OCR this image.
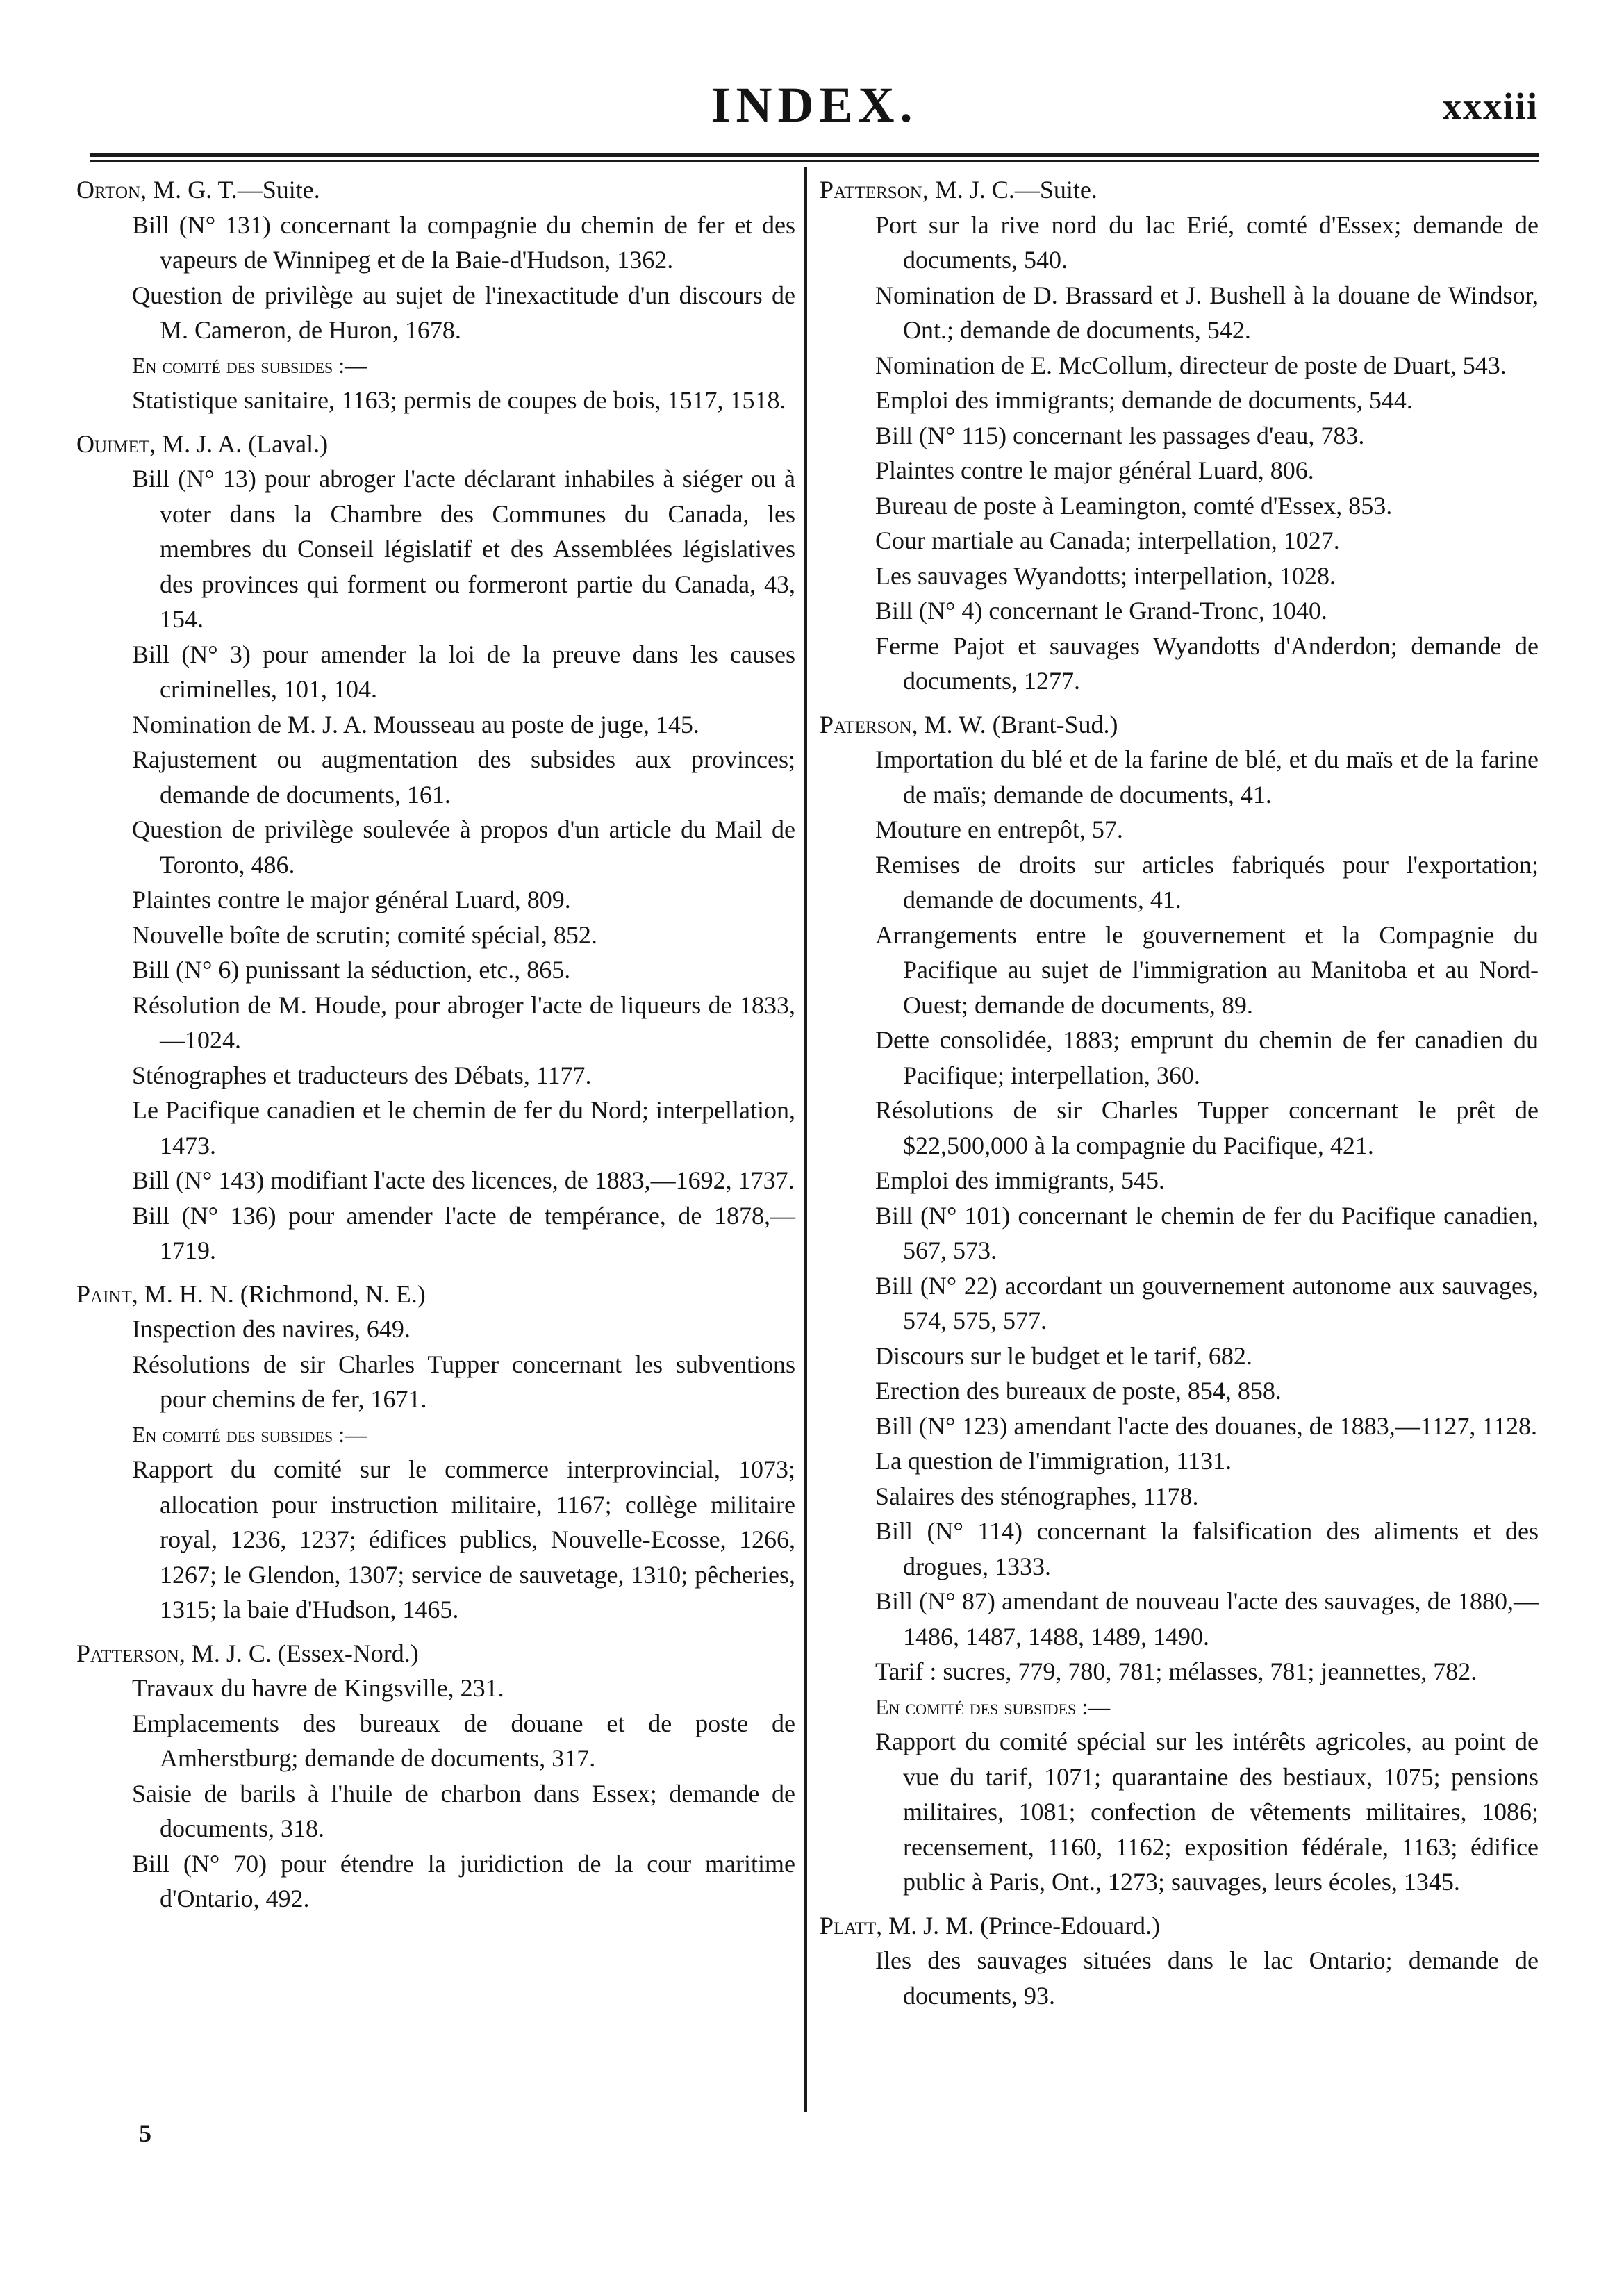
INDEX.	xxxiii
Orton, M. G. T.—Suite.
Bill (N° 131) concernant la compagnie du chemin de fer et des vapeurs de Winnipeg et de la Baie-d'Hudson, 1362.
Question de privilège au sujet de l'inexactitude d'un discours de M. Cameron, de Huron, 1678.
En comité des subsides :—
Statistique sanitaire, 1163; permis de coupes de bois, 1517, 1518.
Ouimet, M. J. A. (Laval.)
Bill (N° 13) pour abroger l'acte déclarant inhabiles à siéger ou à voter dans la Chambre des Communes du Canada, les membres du Conseil législatif et des Assemblées législatives des provinces qui forment ou formeront partie du Canada, 43, 154.
Bill (N° 3) pour amender la loi de la preuve dans les causes criminelles, 101, 104.
Nomination de M. J. A. Mousseau au poste de juge, 145.
Rajustement ou augmentation des subsides aux provinces; demande de documents, 161.
Question de privilège soulevée à propos d'un article du Mail de Toronto, 486.
Plaintes contre le major général Luard, 809.
Nouvelle boîte de scrutin; comité spécial, 852.
Bill (N° 6) punissant la séduction, etc., 865.
Résolution de M. Houde, pour abroger l'acte de liqueurs de 1833,—1024.
Sténographes et traducteurs des Débats, 1177.
Le Pacifique canadien et le chemin de fer du Nord; interpellation, 1473.
Bill (N° 143) modifiant l'acte des licences, de 1883,—1692, 1737.
Bill (N° 136) pour amender l'acte de tempérance, de 1878,—1719.
Paint, M. H. N. (Richmond, N. E.)
Inspection des navires, 649.
Résolutions de sir Charles Tupper concernant les subventions pour chemins de fer, 1671.
En comité des subsides :—
Rapport du comité sur le commerce interprovincial, 1073; allocation pour instruction militaire, 1167; collège militaire royal, 1236, 1237; édifices publics, Nouvelle-Ecosse, 1266, 1267; le Glendon, 1307; service de sauvetage, 1310; pêcheries, 1315; la baie d'Hudson, 1465.
Patterson, M. J. C. (Essex-Nord.)
Travaux du havre de Kingsville, 231.
Emplacements des bureaux de douane et de poste de Amherstburg; demande de documents, 317.
Saisie de barils à l'huile de charbon dans Essex; demande de documents, 318.
Bill (N° 70) pour étendre la juridiction de la cour maritime d'Ontario, 492.
Patterson, M. J. C.—Suite.
Port sur la rive nord du lac Erié, comté d'Essex; demande de documents, 540.
Nomination de D. Brassard et J. Bushell à la douane de Windsor, Ont.; demande de documents, 542.
Nomination de E. McCollum, directeur de poste de Duart, 543.
Emploi des immigrants; demande de documents, 544.
Bill (N° 115) concernant les passages d'eau, 783.
Plaintes contre le major général Luard, 806.
Bureau de poste à Leamington, comté d'Essex, 853.
Cour martiale au Canada; interpellation, 1027.
Les sauvages Wyandotts; interpellation, 1028.
Bill (N° 4) concernant le Grand-Tronc, 1040.
Ferme Pajot et sauvages Wyandotts d'Anderdon; demande de documents, 1277.
Paterson, M. W. (Brant-Sud.)
Importation du blé et de la farine de blé, et du maïs et de la farine de maïs; demande de documents, 41.
Mouture en entrepôt, 57.
Remises de droits sur articles fabriqués pour l'exportation; demande de documents, 41.
Arrangements entre le gouvernement et la Compagnie du Pacifique au sujet de l'immigration au Manitoba et au Nord-Ouest; demande de documents, 89.
Dette consolidée, 1883; emprunt du chemin de fer canadien du Pacifique; interpellation, 360.
Résolutions de sir Charles Tupper concernant le prêt de $22,500,000 à la compagnie du Pacifique, 421.
Emploi des immigrants, 545.
Bill (N° 101) concernant le chemin de fer du Pacifique canadien, 567, 573.
Bill (N° 22) accordant un gouvernement autonome aux sauvages, 574, 575, 577.
Discours sur le budget et le tarif, 682.
Erection des bureaux de poste, 854, 858.
Bill (N° 123) amendant l'acte des douanes, de 1883,—1127, 1128.
La question de l'immigration, 1131.
Salaires des sténographes, 1178.
Bill (N° 114) concernant la falsification des aliments et des drogues, 1333.
Bill (N° 87) amendant de nouveau l'acte des sauvages, de 1880,—1486, 1487, 1488, 1489, 1490.
Tarif : sucres, 779, 780, 781; mélasses, 781; jeannettes, 782.
En comité des subsides :—
Rapport du comité spécial sur les intérêts agricoles, au point de vue du tarif, 1071; quarantaine des bestiaux, 1075; pensions militaires, 1081; confection de vêtements militaires, 1086; recensement, 1160, 1162; exposition fédérale, 1163; édifice public à Paris, Ont., 1273; sauvages, leurs écoles, 1345.
Platt, M. J. M. (Prince-Edouard.)
Iles des sauvages situées dans le lac Ontario; demande de documents, 93.
5
